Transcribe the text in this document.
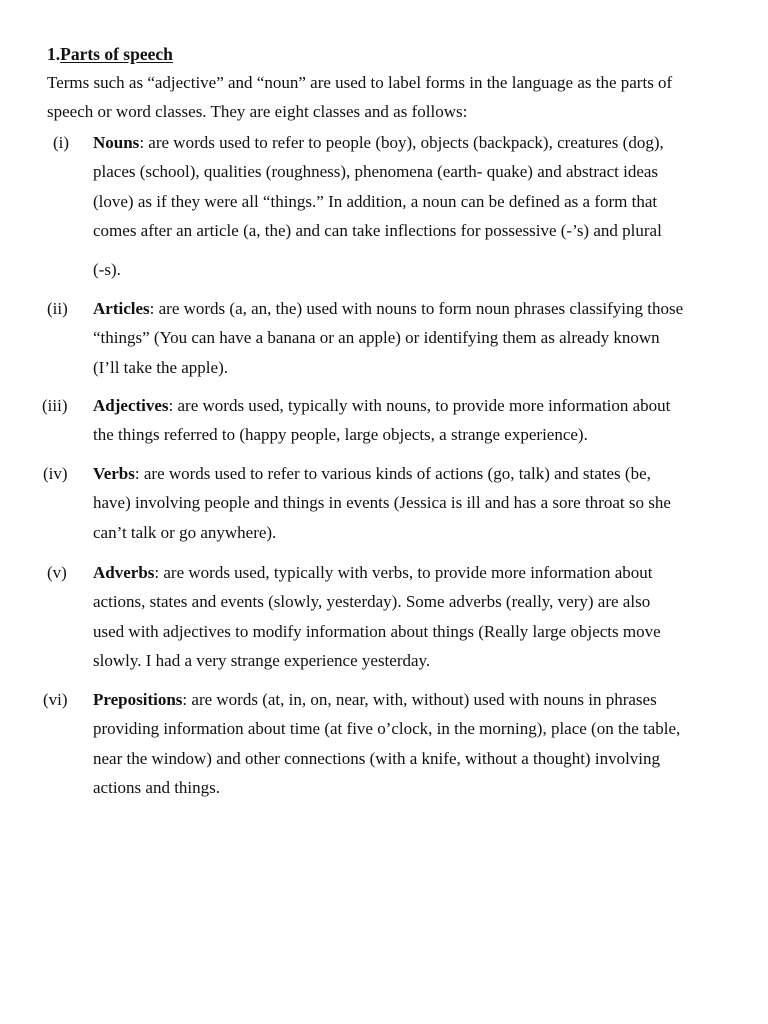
1.Parts of speech

Terms such as “adjective” and “noun” are used to label forms in the language as the parts of

speech or word classes. They are eight classes and as follows:

(i) Nouns: are words used to refer to people (boy), objects (backpack), creatures (dog),
places (school), qualities (roughness), phenomena (earth- quake) and abstract ideas
(love) as if they were all “things.” In addition, a noun can be defined as a form that
comes after an article (a, the) and can take inflections for possessive (-’s) and plural
(-s).
(ii) Articles: are words (a, an, the) used with nouns to form noun phrases classifying those
“things” (You can have a banana or an apple) or identifying them as already known
(I’ll take the apple).
(iii) Adjectives: are words used, typically with nouns, to provide more information about
the things referred to (happy people, large objects, a strange experience).
(iv) Verbs: are words used to refer to various kinds of actions (go, talk) and states (be,
have) involving people and things in events (Jessica is ill and has a sore throat so she
can’t talk or go anywhere).
(v) Adverbs: are words used, typically with verbs, to provide more information about
actions, states and events (slowly, yesterday). Some adverbs (really, very) are also
used with adjectives to modify information about things (Really large objects move
slowly. I had a very strange experience yesterday.
(vi) Prepositions: are words (at, in, on, near, with, without) used with nouns in phrases
providing information about time (at five o’clock, in the morning), place (on the table,
near the window) and other connections (with a knife, without a thought) involving
actions and things.
